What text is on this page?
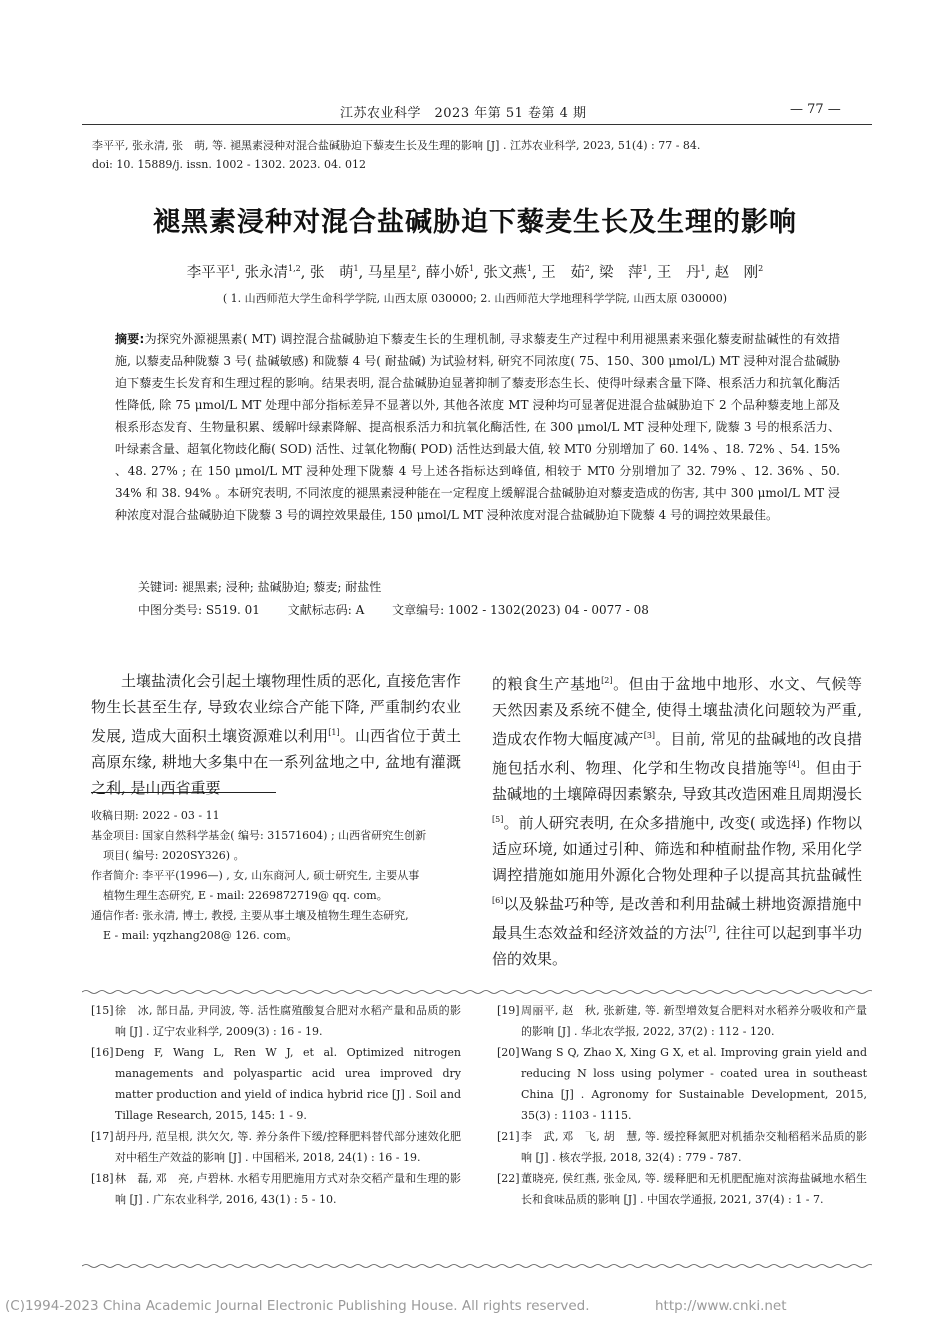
江苏农业科学　2023 年第 51 卷第 4 期	— 77 —
李平平, 张永清, 张　萌, 等. 褪黑素浸种对混合盐碱胁迫下藜麦生长及生理的影响 [J] . 江苏农业科学, 2023, 51(4) : 77 - 84.
doi: 10. 15889/j. issn. 1002 - 1302. 2023. 04. 012
褪黑素浸种对混合盐碱胁迫下藜麦生长及生理的影响
李平平$^1$, 张永清$^{1,2}$, 张　萌$^1$, 马星星$^2$, 薛小娇$^1$, 张文燕$^1$, 王　茹$^2$, 梁　萍$^1$, 王　丹$^1$, 赵　刚$^2$
( 1. 山西师范大学生命科学学院, 山西太原 030000; 2. 山西师范大学地理科学学院, 山西太原 030000)
摘要:为探究外源褪黑素( MT) 调控混合盐碱胁迫下藜麦生长的生理机制, 寻求藜麦生产过程中利用褪黑素来强化藜麦耐盐碱性的有效措施, 以藜麦品种陇藜 3 号( 盐碱敏感) 和陇藜 4 号( 耐盐碱) 为试验材料, 研究不同浓度( 75、150、300 μmol/L) MT 浸种对混合盐碱胁迫下藜麦生长发育和生理过程的影响。结果表明, 混合盐碱胁迫显著抑制了藜麦形态生长、使得叶绿素含量下降、根系活力和抗氧化酶活性降低, 除 75 μmol/L MT 处理中部分指标差异不显著以外, 其他各浓度 MT 浸种均可显著促进混合盐碱胁迫下 2 个品种藜麦地上部及根系形态发育、生物量积累、缓解叶绿素降解、提高根系活力和抗氧化酶活性, 在 300 μmol/L MT 浸种处理下, 陇藜 3 号的根系活力、叶绿素含量、超氧化物歧化酶( SOD) 活性、过氧化物酶( POD) 活性达到最大值, 较 MT0 分别增加了 60. 14% 、18. 72% 、54. 15% 、48. 27% ; 在 150 μmol/L MT 浸种处理下陇藜 4 号上述各指标达到峰值, 相较于 MT0 分别增加了 32. 79% 、12. 36% 、50. 34% 和 38. 94% 。本研究表明, 不同浓度的褪黑素浸种能在一定程度上缓解混合盐碱胁迫对藜麦造成的伤害, 其中 300 μmol/L MT 浸种浓度对混合盐碱胁迫下陇藜 3 号的调控效果最佳, 150 μmol/L MT 浸种浓度对混合盐碱胁迫下陇藜 4 号的调控效果最佳。
关键词: 褪黑素; 浸种; 盐碱胁迫; 藜麦; 耐盐性
中图分类号: S519. 01 文献标志码: A 文章编号: 1002 - 1302(2023) 04 - 0077 - 08
土壤盐渍化会引起土壤物理性质的恶化, 直接危害作物生长甚至生存, 导致农业综合产能下降, 严重制约农业发展, 造成大面积土壤资源难以利用[1]。山西省位于黄土高原东缘, 耕地大多集中在一系列盆地之中, 盆地有灌溉之利, 是山西省重要

收稿日期: 2022 - 03 - 11

基金项目: 国家自然科学基金( 编号: 31571604) ; 山西省研究生创新

项目( 编号: 2020SY326) 。

作者简介: 李平平(1996—) , 女, 山东商河人, 硕士研究生, 主要从事

植物生理生态研究, E - mail: 2269872719@ qq. com。

通信作者: 张永清, 博士, 教授, 主要从事土壤及植物生理生态研究,

E - mail: yqzhang208@ 126. com。

的粮食生产基地[2]。但由于盆地中地形、水文、气候等天然因素及系统不健全, 使得土壤盐渍化问题较为严重, 造成农作物大幅度减产[3]。目前, 常见的盐碱地的改良措施包括水利、物理、化学和生物改良措施等[4]。但由于盐碱地的土壤障碍因素繁杂, 导致其改造困难且周期漫长[5]。前人研究表明, 在众多措施中, 改变( 或选择) 作物以适应环境, 如通过引种、筛选和种植耐盐作物, 采用化学调控措施如施用外源化合物处理种子以提高其抗盐碱性[6]以及躲盐巧种等, 是改善和利用盐碱土耕地资源措施中最具生态效益和经济效益的方法[7], 往往可以起到事半功倍的效果。
[15] 徐　冰, 郜日晶, 尹同波, 等. 活性腐殖酸复合肥对水稻产量和品质的影响 [J] . 辽宁农业科学, 2009(3) : 16 - 19.
[16] Deng F, Wang L, Ren W J, et al. Optimized nitrogen managements and polyaspartic acid urea improved dry matter production and yield of indica hybrid rice [J] . Soil and Tillage Research, 2015, 145: 1 - 9.
[17] 胡丹丹, 范呈根, 洪欠欠, 等. 养分条件下缓/控释肥料替代部分速效化肥对中稻生产效益的影响 [J] . 中国稻米, 2018, 24(1) : 16 - 19.
[18] 林　磊, 邓　亮, 卢碧林. 水稻专用肥施用方式对杂交稻产量和生理的影响 [J] . 广东农业科学, 2016, 43(1) : 5 - 10.
[19] 周丽平, 赵　秋, 张新建, 等. 新型增效复合肥料对水稻养分吸收和产量的影响 [J] . 华北农学报, 2022, 37(2) : 112 - 120.
[20] Wang S Q, Zhao X, Xing G X, et al. Improving grain yield and reducing N loss using polymer - coated urea in southeast China [J] . Agronomy for Sustainable Development, 2015, 35(3) : 1103 - 1115.
[21] 李　武, 邓　飞, 胡　慧, 等. 缓控释氮肥对机插杂交籼稻稻米品质的影响 [J] . 核农学报, 2018, 32(4) : 779 - 787.
[22] 董晓亮, 侯红燕, 张金凤, 等. 缓释肥和无机肥配施对滨海盐碱地水稻生长和食味品质的影响 [J] . 中国农学通报, 2021, 37(4) : 1 - 7.
(C)1994-2023 China Academic Journal Electronic Publishing House. All rights reserved.	http://www.cnki.net
